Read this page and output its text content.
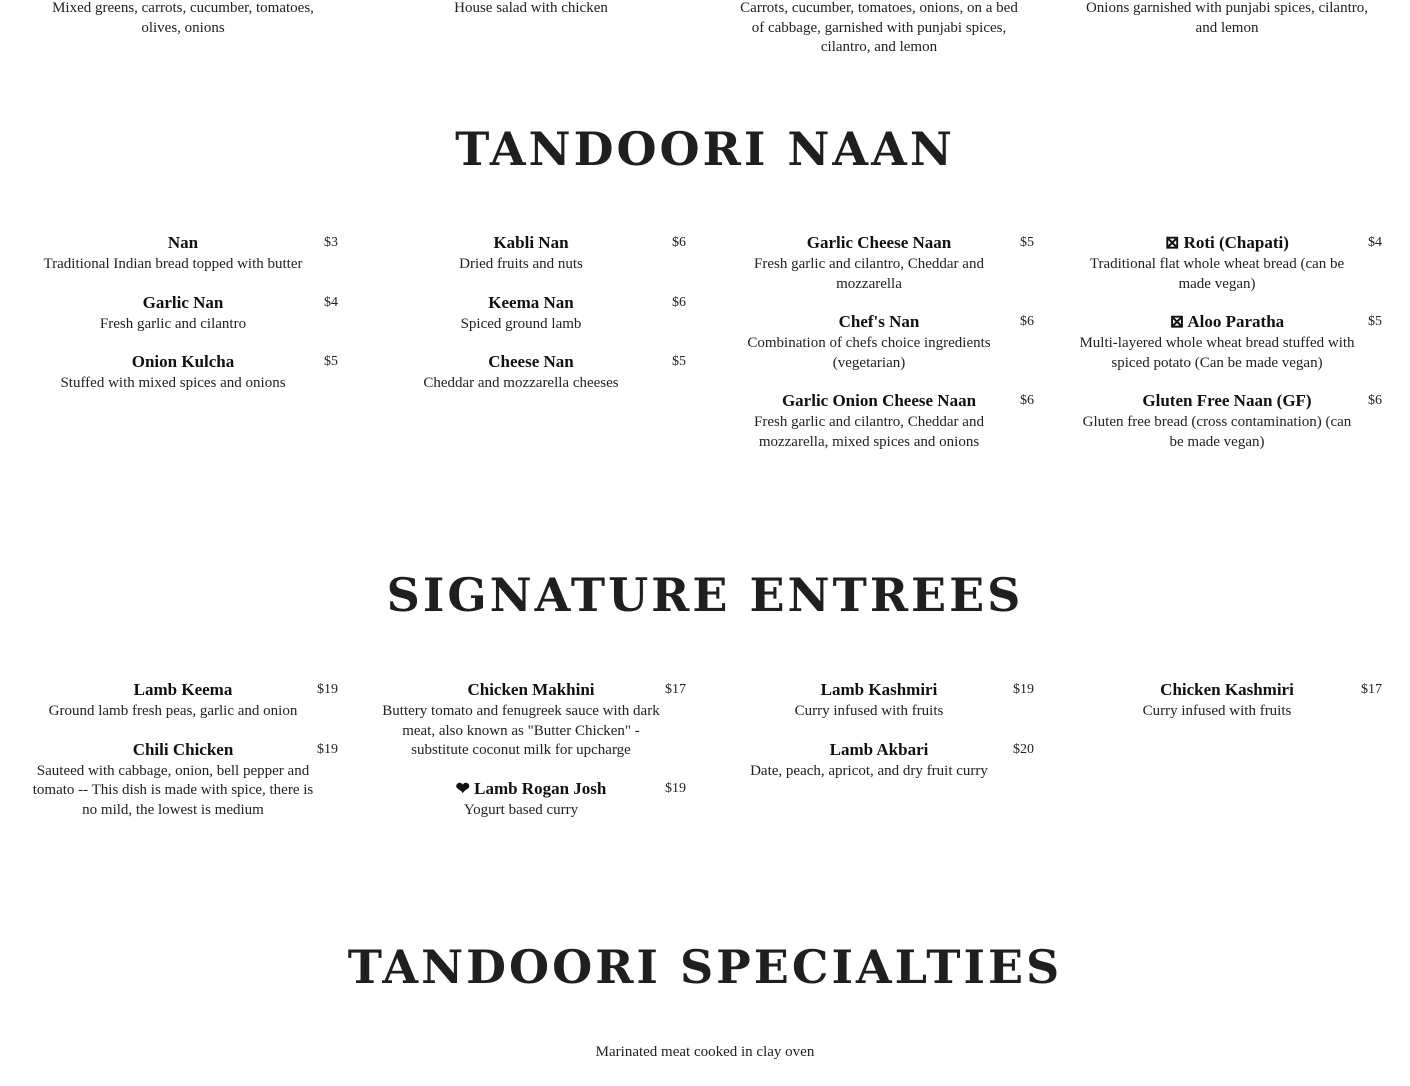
Mixed greens, carrots, cucumber, tomatoes, olives, onions
House salad with chicken	Carrots, cucumber, tomatoes, onions, on a bed of cabbage, garnished with punjabi spices, cilantro, and lemon
Onions garnished with punjabi spices, cilantro, and lemon
TANDOORI NAAN
Nan	$3
Traditional Indian bread topped with butter
Garlic Nan	$4
Fresh garlic and cilantro
Onion Kulcha	$5
Stuffed with mixed spices and onions
Kabli Nan	$6
Dried fruits and nuts
Keema Nan	$6
Spiced ground lamb
Cheese Nan	$5
Cheddar and mozzarella cheeses
Garlic Cheese Naan	$5
Fresh garlic and cilantro, Cheddar and mozzarella
Chef's Nan	$6
Combination of chefs choice ingredients (vegetarian)
Garlic Onion Cheese Naan	$6
Fresh garlic and cilantro, Cheddar and mozzarella, mixed spices and onions
⊠ Roti (Chapati)	$4
Traditional flat whole wheat bread (can be made vegan)
⊠ Aloo Paratha	$5
Multi-layered whole wheat bread stuffed with spiced potato (Can be made vegan)
Gluten Free Naan (GF)	$6
Gluten free bread (cross contamination) (can be made vegan)
SIGNATURE ENTREES
Lamb Keema	$19
Ground lamb fresh peas, garlic and onion
Chili Chicken	$19
Sauteed with cabbage, onion, bell pepper and tomato -- This dish is made with spice, there is no mild, the lowest is medium
Chicken Makhini	$17
Buttery tomato and fenugreek sauce with dark meat, also known as "Butter Chicken" - substitute coconut milk for upcharge
❤ Lamb Rogan Josh	$19
Yogurt based curry
Lamb Kashmiri	$19
Curry infused with fruits
Lamb Akbari	$20
Date, peach, apricot, and dry fruit curry
Chicken Kashmiri	$17
Curry infused with fruits
TANDOORI SPECIALTIES
Marinated meat cooked in clay oven
